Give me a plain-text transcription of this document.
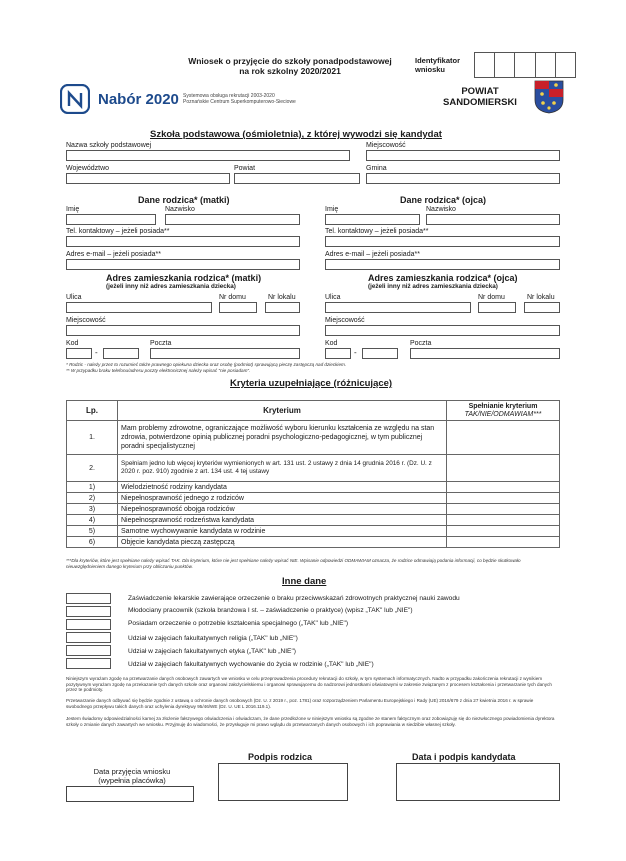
Wniosek o przyjęcie do szkoły ponadpodstawowej
na rok szkolny 2020/2021
Identyfikator wniosku
Nabór 2020 Systemowa obsługa rekrutacji 2003-2020
Poznańskie Centrum Superkomputerowo-Sieciowe
POWIAT
SANDOMIERSKI
Szkoła podstawowa (ośmioletnia), z której wywodzi się kandydat
Nazwa szkoły podstawowej	Miejscowość
Województwo	Powiat	Gmina
Dane rodzica* (matki)	Dane rodzica* (ojca)
Imię	Nazwisko	Imię	Nazwisko
Tel. kontaktowy – jeżeli posiada**	Tel. kontaktowy – jeżeli posiada**
Adres e-mail – jeżeli posiada**	Adres e-mail – jeżeli posiada**
Adres zamieszkania rodzica* (matki)
(jeżeli inny niż adres zamieszkania dziecka)
Adres zamieszkania rodzica* (ojca)
(jeżeli inny niż adres zamieszkania dziecka)
Ulica	Nr domu	Nr lokalu	Ulica	Nr domu	Nr lokalu
Miejscowość	Miejscowość
Kod	Poczta
-
Kod	Poczta
-
* Rodzic - należy przez to rozumieć także prawnego opiekuna dziecka oraz osobę (podmiot) sprawującą pieczę zastępczą nad dzieckiem.
** W przypadku braku telefonu/adresu poczty elektronicznej należy wpisać "nie posiadam".
Kryteria uzupełniające (różnicujące)
Lp.	Kryterium	Spełnianie kryterium
TAK/NIE/ODMAWIAM***

1.	Mam problemy zdrowotne, ograniczające możliwość wyboru kierunku kształcenia ze względu na stan zdrowia, potwierdzone opinią publicznej poradni psychologiczno-pedagogicznej, w tym publicznej poradni specjalistycznej	
2.	Spełniam jedno lub więcej kryteriów wymienionych w art. 131 ust. 2 ustawy z dnia 14 grudnia 2016 r. (Dz. U. z 2020 r. poz. 910) zgodnie z art. 134 ust. 4 tej ustawy	
1)	Wielodzietność rodziny kandydata	
2)	Niepełnosprawność jednego z rodziców	
3)	Niepełnosprawność obojga rodziców	
4)	Niepełnosprawność rodzeństwa kandydata	
5)	Samotne wychowywanie kandydata w rodzinie	
6)	Objęcie kandydata pieczą zastępczą	
***Dla kryteriów, które jest spełniane należy wpisać TAK. Dla kryterium, które nie jest spełniane należy wpisać NIE. Wpisanie odpowiedzi ODMAWIAM oznacza, że rodzice odmawiają podania informacji, co będzie skutkowało nieuwzględnieniem danego kryterium przy obliczaniu punktów.
Inne dane
Zaświadczenie lekarskie zawierające orzeczenie o braku przeciwwskazań zdrowotnych praktycznej nauki zawodu
Młodociany pracownik (szkoła branżowa I st. – zaświadczenie o praktyce) (wpisz „TAK" lub „NIE")
Posiadam orzeczenie o potrzebie kształcenia specjalnego („TAK" lub „NIE")
Udział w zajęciach fakultatywnych religia („TAK" lub „NIE")
Udział w zajęciach fakultatywnych etyka („TAK" lub „NIE")
Udział w zajęciach fakultatywnych wychowanie do życia w rodzinie („TAK" lub „NIE")
Niniejszym wyrażam zgodę na przetwarzanie danych osobowych zawartych we wniosku w celu przeprowadzenia procedury rekrutacji do szkoły, w tym systemach informatycznych. Nadto w przypadku zakończenia rekrutacji z wynikiem pozytywnym wyrażam zgodę na przekazanie tych danych szkole oraz organowi założycielskiemu i organowi sprawującemu do nadzorowi jednostkami oświatowymi w zakresie związanym z procesem kształcenia i przetwarzanie tych danych przez te podmioty.
Przetwarzanie danych odbywać się będzie zgodnie z ustawą o ochronie danych osobowych (Dz. U. z 2019 r., poz. 1781) oraz rozporządzeniem Parlamentu Europejskiego i Rady (UE) 2016/679 z dnia 27 kwietnia 2016 r. w sprawie swobodnego przepływu takich danych oraz uchylenia dyrektywy 95/46/WE (Dz. U. UE L 2016.119.1).
Jestem świadomy odpowiedzialności karnej za złożenie fałszywego oświadczenia i oświadczam, że dane przedłożone w niniejszym wniosku są zgodne ze stanem faktycznym oraz zobowiązuję się do niezwłocznego powiadomienia dyrektora szkoły o zmianie danych zawartych we wniosku. Przyjmuję do wiadomości, że przysługuje mi prawo wglądu do przetwarzanych danych osobowych i ich poprawiania w siedzibie własnej szkoły.
Podpis rodzica	Data i podpis kandydata
Data przyjęcia wniosku
(wypełnia placówka)
